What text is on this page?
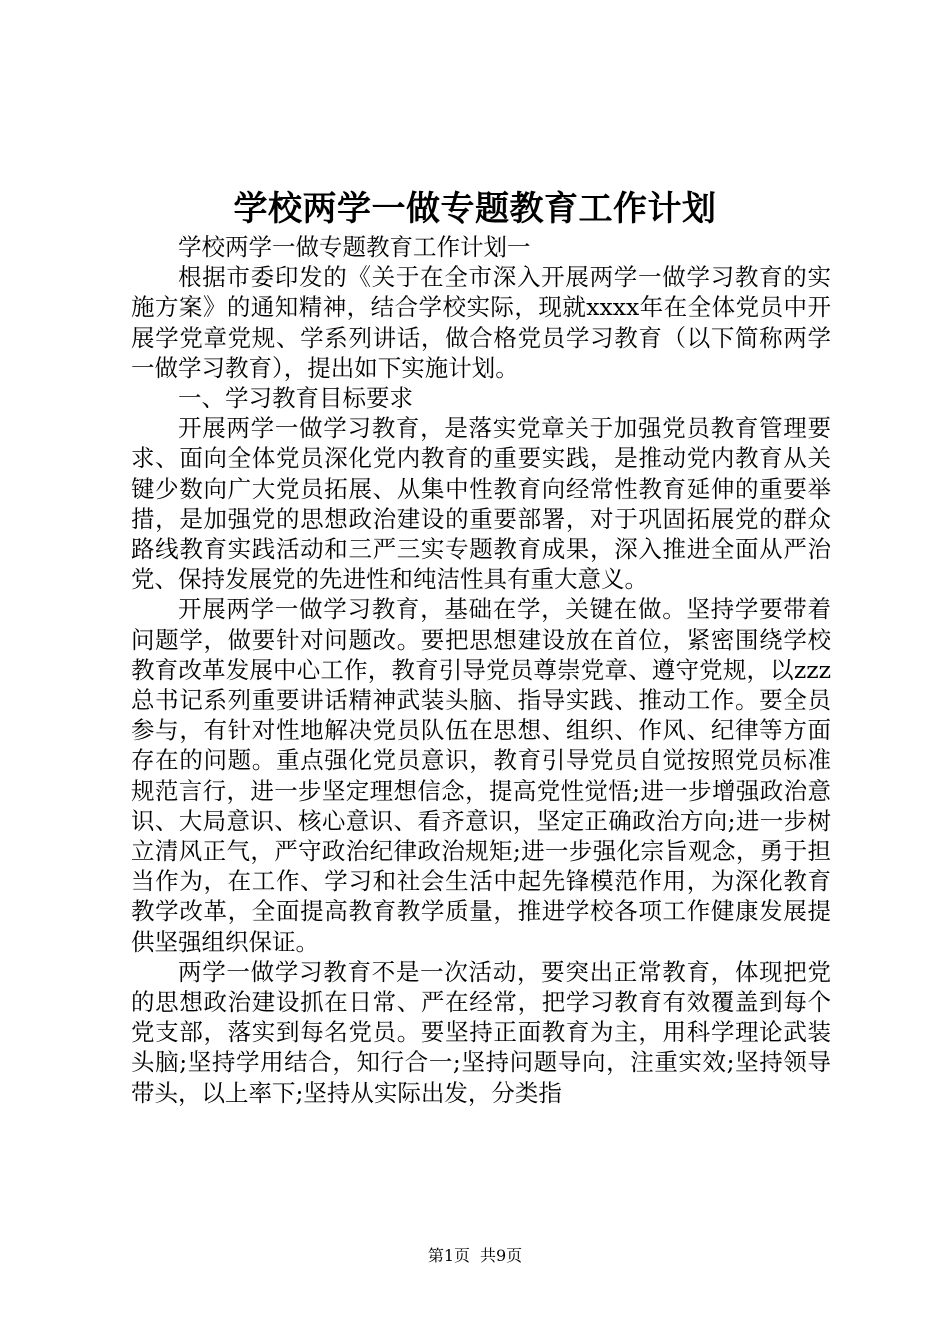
学校两学一做专题教育工作计划

学校两学一做专题教育工作计划一

根据市委印发的《关于在全市深入开展两学一做学习教育的实施方案》的通知精神，结合学校实际，现就xxxx年在全体党员中开展学党章党规、学系列讲话，做合格党员学习教育（以下简称两学一做学习教育），提出如下实施计划。

一、学习教育目标要求

开展两学一做学习教育，是落实党章关于加强党员教育管理要求、面向全体党员深化党内教育的重要实践，是推动党内教育从关键少数向广大党员拓展、从集中性教育向经常性教育延伸的重要举措，是加强党的思想政治建设的重要部署，对于巩固拓展党的群众路线教育实践活动和三严三实专题教育成果，深入推进全面从严治党、保持发展党的先进性和纯洁性具有重大意义。

开展两学一做学习教育，基础在学，关键在做。坚持学要带着问题学，做要针对问题改。要把思想建设放在首位，紧密围绕学校教育改革发展中心工作，教育引导党员尊崇党章、遵守党规，以zzz总书记系列重要讲话精神武装头脑、指导实践、推动工作。要全员参与，有针对性地解决党员队伍在思想、组织、作风、纪律等方面存在的问题。重点强化党员意识，教育引导党员自觉按照党员标准规范言行，进一步坚定理想信念，提高党性觉悟;进一步增强政治意识、大局意识、核心意识、看齐意识，坚定正确政治方向;进一步树立清风正气，严守政治纪律政治规矩;进一步强化宗旨观念，勇于担当作为，在工作、学习和社会生活中起先锋模范作用，为深化教育教学改革，全面提高教育教学质量，推进学校各项工作健康发展提供坚强组织保证。

两学一做学习教育不是一次活动，要突出正常教育，体现把党的思想政治建设抓在日常、严在经常，把学习教育有效覆盖到每个党支部，落实到每名党员。要坚持正面教育为主，用科学理论武装头脑;坚持学用结合，知行合一;坚持问题导向，注重实效;坚持领导带头，以上率下;坚持从实际出发，分类指

第1页 共9页
